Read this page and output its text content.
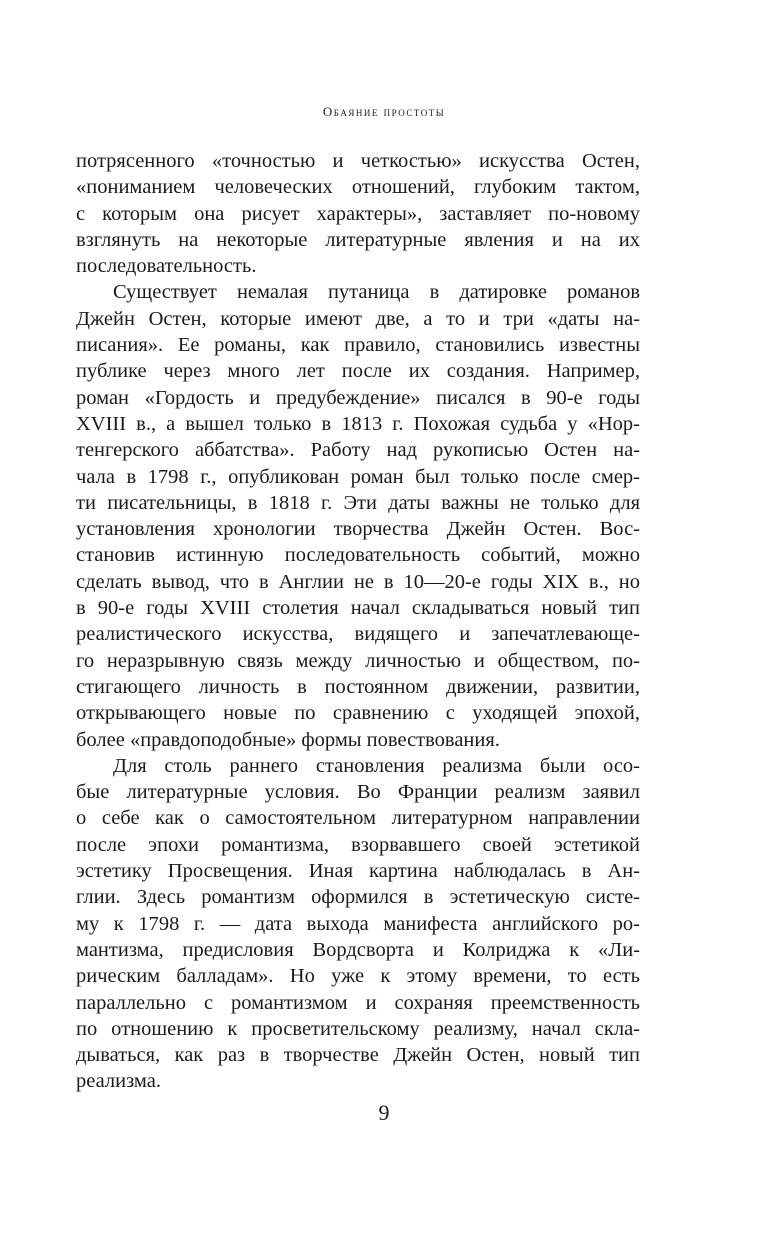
Обаяние простоты
потрясенного «точностью и четкостью» искусства Остен,
«пониманием человеческих отношений, глубоким тактом,
с которым она рисует характеры», заставляет по-новому
взглянуть на некоторые литературные явления и на их
последовательность.
Существует немалая путаница в датировке романов
Джейн Остен, которые имеют две, а то и три «даты на-
писания». Ее романы, как правило, становились известны
публике через много лет после их создания. Например,
роман «Гордость и предубеждение» писался в 90-е годы
XVIII в., а вышел только в 1813 г. Похожая судьба у «Нор-
тенгерского аббатства». Работу над рукописью Остен на-
чала в 1798 г., опубликован роман был только после смер-
ти писательницы, в 1818 г. Эти даты важны не только для
установления хронологии творчества Джейн Остен. Вос-
становив истинную последовательность событий, можно
сделать вывод, что в Англии не в 10—20-е годы XIX в., но
в 90-е годы XVIII столетия начал складываться новый тип
реалистического искусства, видящего и запечатлевающе-
го неразрывную связь между личностью и обществом, по-
стигающего личность в постоянном движении, развитии,
открывающего новые по сравнению с уходящей эпохой,
более «правдоподобные» формы повествования.
Для столь раннего становления реализма были осо-
бые литературные условия. Во Франции реализм заявил
о себе как о самостоятельном литературном направлении
после эпохи романтизма, взорвавшего своей эстетикой
эстетику Просвещения. Иная картина наблюдалась в Ан-
глии. Здесь романтизм оформился в эстетическую систе-
му к 1798 г. — дата выхода манифеста английского ро-
мантизма, предисловия Вордсворта и Колриджа к «Ли-
рическим балладам». Но уже к этому времени, то есть
параллельно с романтизмом и сохраняя преемственность
по отношению к просветительскому реализму, начал скла-
дываться, как раз в творчестве Джейн Остен, новый тип
реализма.
9
